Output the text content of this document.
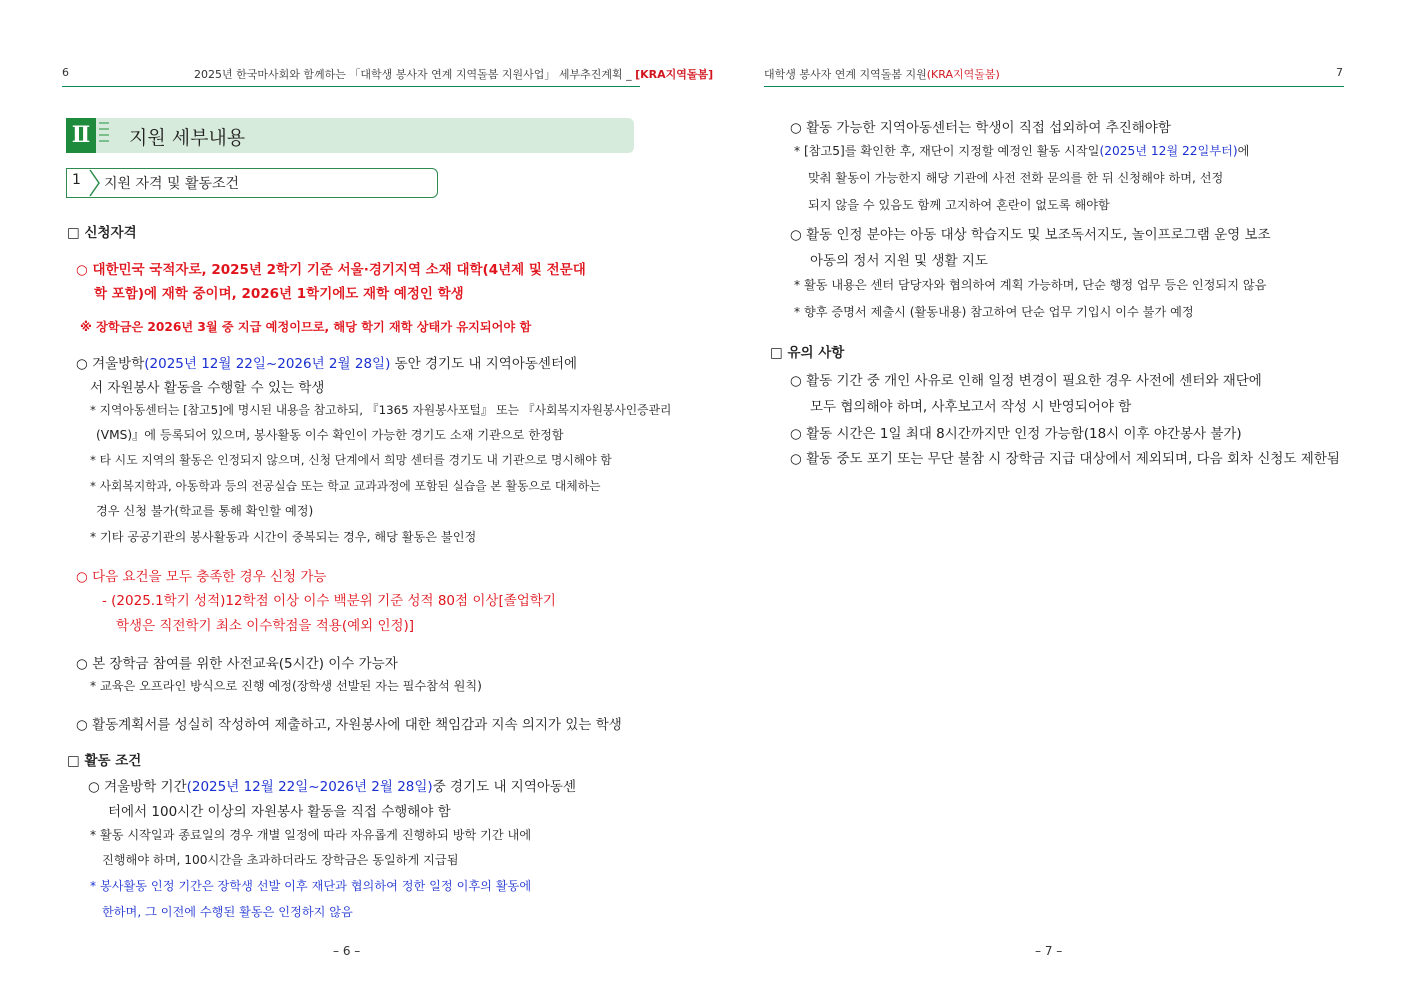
6	2025년 한국마사회와 함께하는 「대학생 봉사자 연계 지역돌봄 지원사업」 세부추진계획 _ [KRA지역돌봄]
Ⅱ	지원 세부내용
1 지원 자격 및 활동조건
□ 신청자격
○ 대한민국 국적자로, 2025년 2학기 기준 서울·경기지역 소재 대학(4년제 및 전문대
학 포함)에 재학 중이며, 2026년 1학기에도 재학 예정인 학생
※ 장학금은 2026년 3월 중 지급 예정이므로, 해당 학기 재학 상태가 유지되어야 함
○ 겨울방학(2025년 12월 22일~2026년 2월 28일) 동안 경기도 내 지역아동센터에
서 자원봉사 활동을 수행할 수 있는 학생
* 지역아동센터는 [참고5]에 명시된 내용을 참고하되, 『1365 자원봉사포털』 또는 『사회복지자원봉사인증관리
(VMS)』에 등록되어 있으며, 봉사활동 이수 확인이 가능한 경기도 소재 기관으로 한정함
* 타 시도 지역의 활동은 인정되지 않으며, 신청 단계에서 희망 센터를 경기도 내 기관으로 명시해야 함
* 사회복지학과, 아동학과 등의 전공실습 또는 학교 교과과정에 포함된 실습을 본 활동으로 대체하는
경우 신청 불가(학교를 통해 확인할 예정)
* 기타 공공기관의 봉사활동과 시간이 중복되는 경우, 해당 활동은 불인정
○ 다음 요건을 모두 충족한 경우 신청 가능
- (2025.1학기 성적)12학점 이상 이수 백분위 기준 성적 80점 이상[졸업학기
학생은 직전학기 최소 이수학점을 적용(예외 인정)]
○ 본 장학금 참여를 위한 사전교육(5시간) 이수 가능자
* 교육은 오프라인 방식으로 진행 예정(장학생 선발된 자는 필수참석 원칙)
○ 활동계획서를 성실히 작성하여 제출하고, 자원봉사에 대한 책임감과 지속 의지가 있는 학생
□ 활동 조건
○ 겨울방학 기간(2025년 12월 22일~2026년 2월 28일)중 경기도 내 지역아동센
터에서 100시간 이상의 자원봉사 활동을 직접 수행해야 함
* 활동 시작일과 종료일의 경우 개별 일정에 따라 자유롭게 진행하되 방학 기간 내에
진행해야 하며, 100시간을 초과하더라도 장학금은 동일하게 지급됨
* 봉사활동 인정 기간은 장학생 선발 이후 재단과 협의하여 정한 일정 이후의 활동에
한하며, 그 이전에 수행된 활동은 인정하지 않음
– 6 –
대학생 봉사자 연계 지역돌봄 지원(KRA지역돌봄)	7
○ 활동 가능한 지역아동센터는 학생이 직접 섭외하여 추진해야함
* [참고5]를 확인한 후, 재단이 지정할 예정인 활동 시작일(2025년 12월 22일부터)에
맞춰 활동이 가능한지 해당 기관에 사전 전화 문의를 한 뒤 신청해야 하며, 선정
되지 않을 수 있음도 함께 고지하여 혼란이 없도록 해야함
○ 활동 인정 분야는 아동 대상 학습지도 및 보조독서지도, 놀이프로그램 운영 보조
아동의 정서 지원 및 생활 지도
* 활동 내용은 센터 담당자와 협의하여 계획 가능하며, 단순 행정 업무 등은 인정되지 않음
* 향후 증명서 제출시 (활동내용) 참고하여 단순 업무 기입시 이수 불가 예정
□ 유의 사항
○ 활동 기간 중 개인 사유로 인해 일정 변경이 필요한 경우 사전에 센터와 재단에
모두 협의해야 하며, 사후보고서 작성 시 반영되어야 함
○ 활동 시간은 1일 최대 8시간까지만 인정 가능함(18시 이후 야간봉사 불가)
○ 활동 중도 포기 또는 무단 불참 시 장학금 지급 대상에서 제외되며, 다음 회차 신청도 제한됨
– 7 –
